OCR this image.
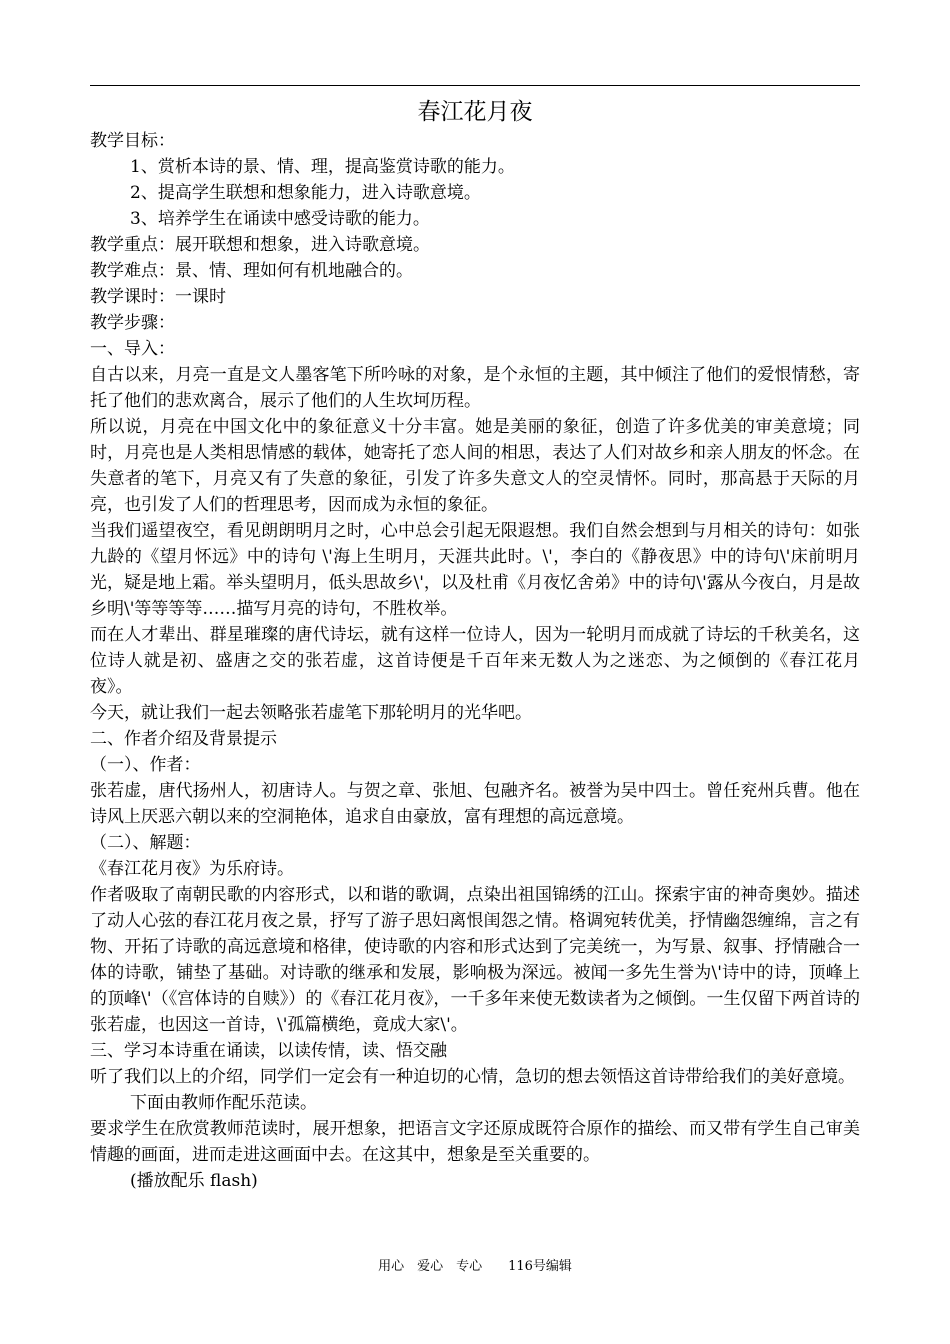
春江花月夜

教学目标：

1、赏析本诗的景、情、理，提高鉴赏诗歌的能力。

2、提高学生联想和想象能力，进入诗歌意境。

3、培养学生在诵读中感受诗歌的能力。

教学重点：展开联想和想象，进入诗歌意境。

教学难点：景、情、理如何有机地融合的。

教学课时：一课时

教学步骤：

一、导入：

自古以来，月亮一直是文人墨客笔下所吟咏的对象，是个永恒的主题，其中倾注了他们的爱恨情愁，寄托了他们的悲欢离合，展示了他们的人生坎坷历程。

所以说，月亮在中国文化中的象征意义十分丰富。她是美丽的象征，创造了许多优美的审美意境；同时，月亮也是人类相思情感的载体，她寄托了恋人间的相思，表达了人们对故乡和亲人朋友的怀念。在失意者的笔下，月亮又有了失意的象征，引发了许多失意文人的空灵情怀。同时，那高悬于天际的月亮，也引发了人们的哲理思考，因而成为永恒的象征。

当我们遥望夜空，看见朗朗明月之时，心中总会引起无限遐想。我们自然会想到与月相关的诗句：如张九龄的《望月怀远》中的诗句 \'海上生明月，天涯共此时。\'，李白的《静夜思》中的诗句\'床前明月光，疑是地上霜。举头望明月，低头思故乡\'，以及杜甫《月夜忆舍弟》中的诗句\'露从今夜白，月是故乡明\'等等等等……描写月亮的诗句，不胜枚举。

而在人才辈出、群星璀璨的唐代诗坛，就有这样一位诗人，因为一轮明月而成就了诗坛的千秋美名，这位诗人就是初、盛唐之交的张若虚，这首诗便是千百年来无数人为之迷恋、为之倾倒的《春江花月夜》。

今天，就让我们一起去领略张若虚笔下那轮明月的光华吧。

二、作者介绍及背景提示

（一）、作者：

张若虚，唐代扬州人，初唐诗人。与贺之章、张旭、包融齐名。被誉为吴中四士。曾任兖州兵曹。他在诗风上厌恶六朝以来的空洞艳体，追求自由豪放，富有理想的高远意境。

（二）、解题：

《春江花月夜》为乐府诗。

作者吸取了南朝民歌的内容形式，以和谐的歌调，点染出祖国锦绣的江山。探索宇宙的神奇奥妙。描述了动人心弦的春江花月夜之景，抒写了游子思妇离恨闺怨之情。格调宛转优美，抒情幽怨缠绵，言之有物、开拓了诗歌的高远意境和格律，使诗歌的内容和形式达到了完美统一，为写景、叙事、抒情融合一体的诗歌，铺垫了基础。对诗歌的继承和发展，影响极为深远。被闻一多先生誉为\'诗中的诗，顶峰上的顶峰\'（《宫体诗的自赎》）的《春江花月夜》，一千多年来使无数读者为之倾倒。一生仅留下两首诗的张若虚，也因这一首诗，\'孤篇横绝，竟成大家\'。

三、学习本诗重在诵读，以读传情，读、悟交融

听了我们以上的介绍，同学们一定会有一种迫切的心情，急切的想去领悟这首诗带给我们的美好意境。

下面由教师作配乐范读。

要求学生在欣赏教师范读时，展开想象，把语言文字还原成既符合原作的描绘、而又带有学生自己审美情趣的画面，进而走进这画面中去。在这其中，想象是至关重要的。

(播放配乐 flash)

用心　爱心　专心　　116号编辑
